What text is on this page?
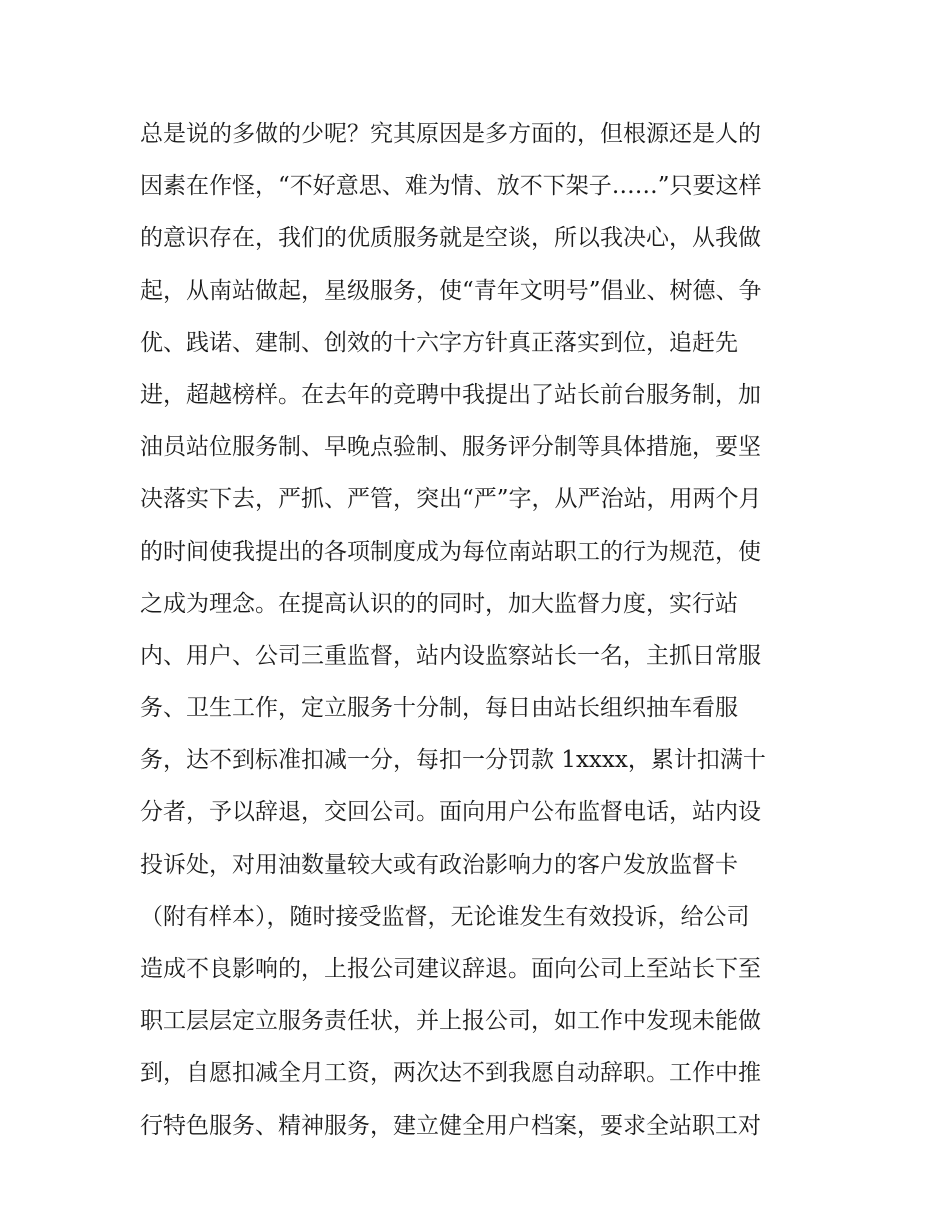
总是说的多做的少呢？究其原因是多方面的，但根源还是人的
因素在作怪，“不好意思、难为情、放不下架子……”只要这样
的意识存在，我们的优质服务就是空谈，所以我决心，从我做
起，从南站做起，星级服务，使“青年文明号”倡业、树德、争
优、践诺、建制、创效的十六字方针真正落实到位，追赶先
进，超越榜样。在去年的竞聘中我提出了站长前台服务制，加
油员站位服务制、早晚点验制、服务评分制等具体措施，要坚
决落实下去，严抓、严管，突出“严”字，从严治站，用两个月
的时间使我提出的各项制度成为每位南站职工的行为规范，使
之成为理念。在提高认识的的同时，加大监督力度，实行站
内、用户、公司三重监督，站内设监察站长一名，主抓日常服
务、卫生工作，定立服务十分制，每日由站长组织抽车看服
务，达不到标准扣减一分，每扣一分罚款 1xxxx，累计扣满十
分者，予以辞退，交回公司。面向用户公布监督电话，站内设
投诉处，对用油数量较大或有政治影响力的客户发放监督卡
（附有样本），随时接受监督，无论谁发生有效投诉，给公司
造成不良影响的，上报公司建议辞退。面向公司上至站长下至
职工层层定立服务责任状，并上报公司，如工作中发现未能做
到，自愿扣减全月工资，两次达不到我愿自动辞职。工作中推
行特色服务、精神服务，建立健全用户档案，要求全站职工对
